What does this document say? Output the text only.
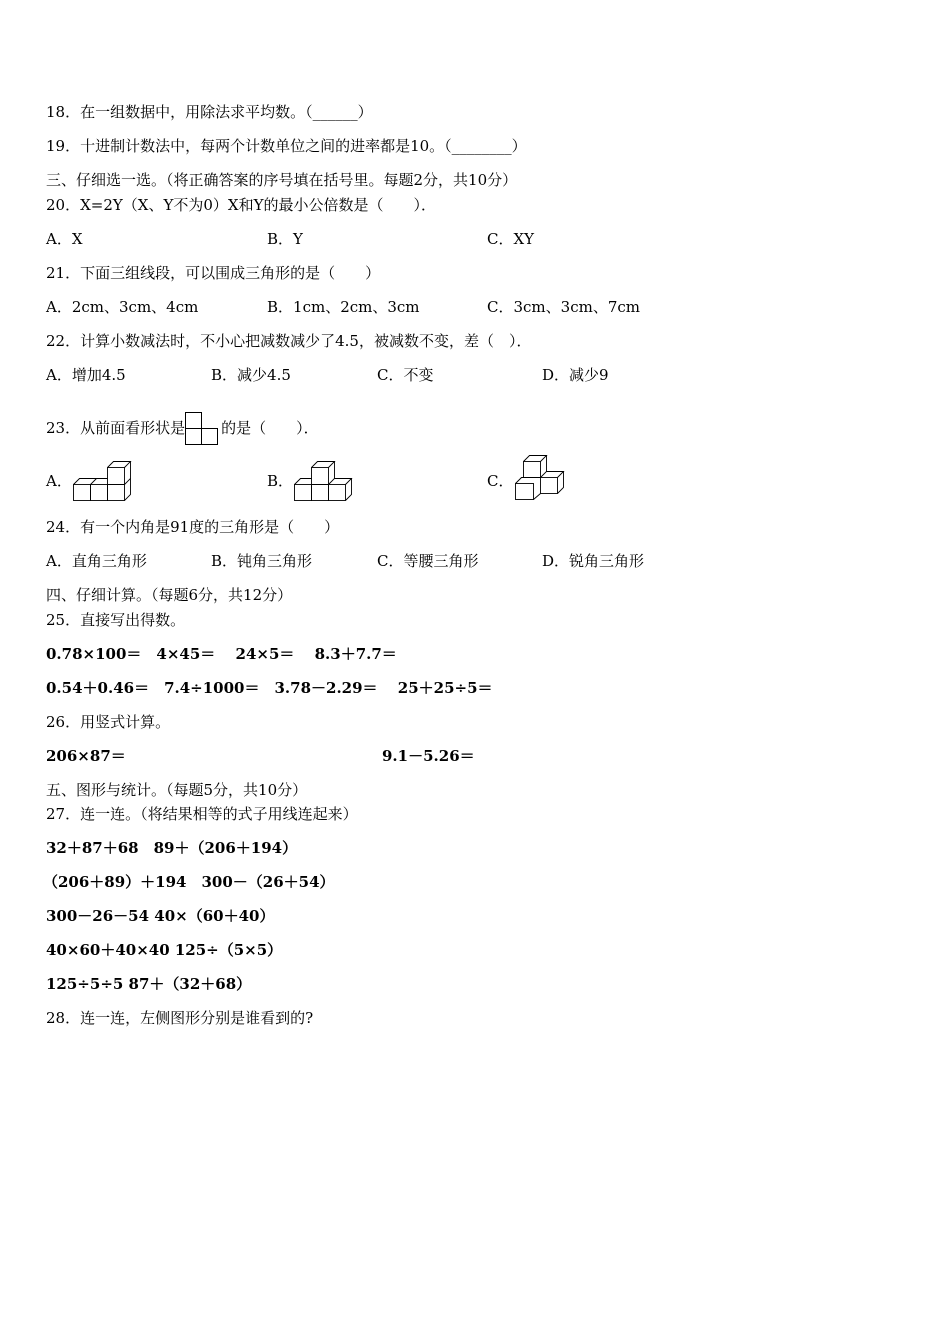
18．在一组数据中，用除法求平均数。（______）
19．十进制计数法中，每两个计数单位之间的进率都是10。（________）
三、仔细选一选。（将正确答案的序号填在括号里。每题2分，共10分）
20．X=2Y（X、Y不为0）X和Y的最小公倍数是（　　）．
A．X	B．Y	C．XY
21．下面三组线段，可以围成三角形的是（　　）
A．2cm、3cm、4cm	B．1cm、2cm、3cm	C．3cm、3cm、7cm
22．计算小数减法时，不小心把减数减少了4.5，被减数不变，差（　）．
A．增加4.5	B．减少4.5	C．不变	D．减少9
23．从前面看形状是 的是（　　）．
A．	B．	C．
24．有一个内角是91度的三角形是（　　）
A．直角三角形	B．钝角三角形	C．等腰三角形	D．锐角三角形
四、仔细计算。（每题6分，共12分）
25．直接写出得数。
0.78×100＝　4×45＝　 24×5＝　 8.3＋7.7＝
0.54＋0.46＝　7.4÷1000＝　3.78－2.29＝　 25＋25÷5＝
26．用竖式计算。
206×87＝	9.1－5.26＝
五、图形与统计。（每题5分，共10分）
27．连一连。（将结果相等的式子用线连起来）
32＋87＋68　89＋（206＋194）
（206＋89）＋194　300－（26＋54）
300－26－54 40×（60＋40）
40×60＋40×40 125÷（5×5）
125÷5÷5 87＋（32＋68）
28．连一连，左侧图形分别是谁看到的?
